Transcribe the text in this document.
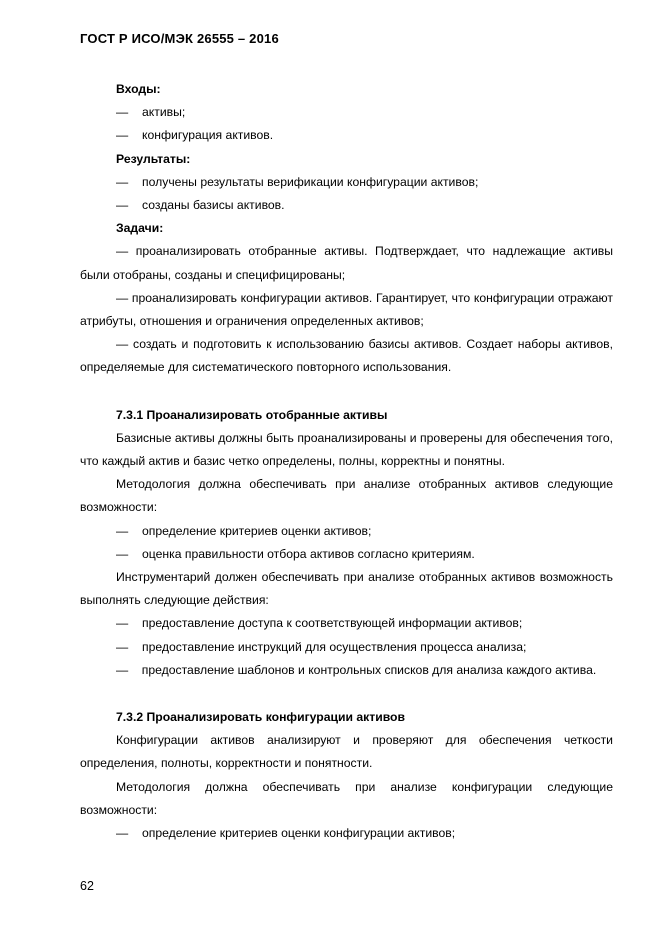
ГОСТ Р ИСО/МЭК 26555 – 2016

Входы:

— активы;

— конфигурация активов.

Результаты:

— получены результаты верификации конфигурации активов;

— созданы базисы активов.

Задачи:

— проанализировать отобранные активы. Подтверждает, что надлежащие активы были отобраны, созданы и специфицированы;

— проанализировать конфигурации активов. Гарантирует, что конфигурации отражают атрибуты, отношения и ограничения определенных активов;

— создать и подготовить к использованию базисы активов. Создает наборы активов, определяемые для систематического повторного использования.

7.3.1 Проанализировать отобранные активы

Базисные активы должны быть проанализированы и проверены для обеспечения того, что каждый актив и базис четко определены, полны, корректны и понятны.

Методология должна обеспечивать при анализе отобранных активов следующие возможности:

— определение критериев оценки активов;

— оценка правильности отбора активов согласно критериям.

Инструментарий должен обеспечивать при анализе отобранных активов возможность выполнять следующие действия:

— предоставление доступа к соответствующей информации активов;

— предоставление инструкций для осуществления процесса анализа;

— предоставление шаблонов и контрольных списков для анализа каждого актива.

7.3.2 Проанализировать конфигурации активов

Конфигурации активов анализируют и проверяют для обеспечения четкости определения, полноты, корректности и понятности.

Методология должна обеспечивать при анализе конфигурации следующие возможности:

— определение критериев оценки конфигурации активов;

62
